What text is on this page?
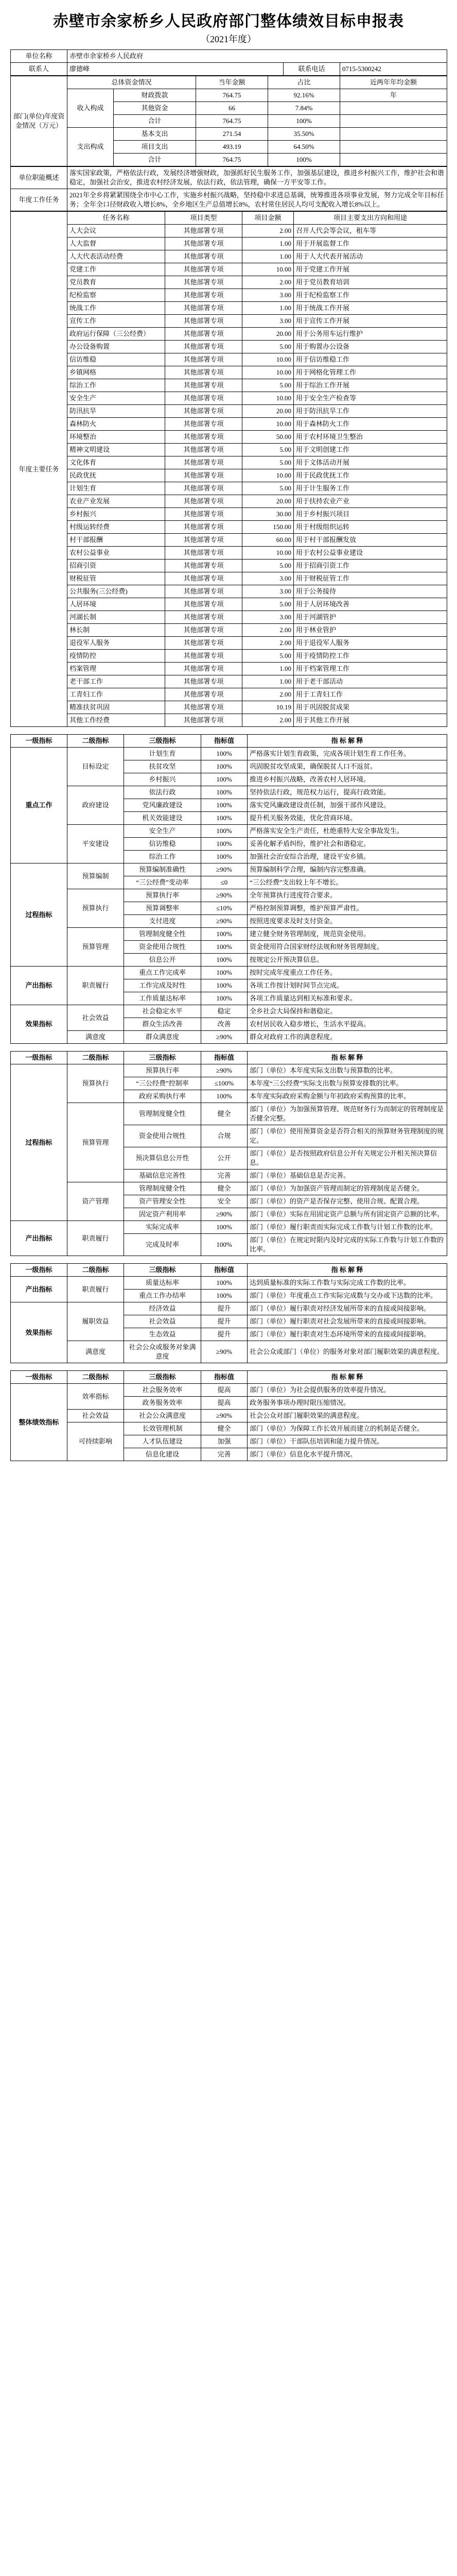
赤壁市余家桥乡人民政府部门整体绩效目标申报表
（2021年度）
单位名称	赤壁市余家桥乡人民政府		
联系人	廖德峰	联系电话	0715-5300242
部门(单位)年度资金情况（万元）	总体资金情况		当年金额	占比	近两年年均金额
	收入构成	财政拨款	764.75	92.16%	年
		其他资金	66	7.84%	
		合计	764.75	100%	
	支出构成	基本支出	271.54	35.50%	
		项目支出	493.19	64.50%	
		合计	764.75	100%	
单位职能概述	落实国家政策，严格依法行政，发展经济增强财政，加强抓好民生服务工作，加强基层建设，推进乡村振兴工作，维护社会和谐稳定，加强社会治安，推进农村经济发展，依法行政，依法管理，确保一方平安等工作。
年度工作任务	2021年全乡将紧紧围绕全市中心工作，实施乡村振兴战略，坚持稳中求进总基调，统筹推进各项事业发展，努力完成全年目标任务；全年全口径财政收入增长8%，全乡地区生产总值增长8%，农村常住居民人均可支配收入增长8%以上。
年度主要任务	任务名称	项目类型	项目金额	项目主要支出方向和用途
	人大会议	其他部署专项	2.00	召开人代会等会议，租车等
	人大监督	其他部署专项	1.00	用于开展监督工作
	人大代表活动经费	其他部署专项	1.00	用于人大代表开展活动
	党建工作	其他部署专项	10.00	用于党建工作开展
	党员教育	其他部署专项	2.00	用于党员教育培训
	纪检监察	其他部署专项	3.00	用于纪检监察工作
	统战工作	其他部署专项	1.00	用于统战工作开展
	宣传工作	其他部署专项	3.00	用于宣传工作开展
	政府运行保障（三公经费）	其他部署专项	20.00	用于公务用车运行维护
	办公设备购置	其他部署专项	5.00	用于购置办公设备
	信访维稳	其他部署专项	10.00	用于信访维稳工作
	乡镇网格	其他部署专项	10.00	用于网格化管理工作
	综治工作	其他部署专项	5.00	用于综治工作开展
	安全生产	其他部署专项	10.00	用于安全生产检查等
	防汛抗旱	其他部署专项	20.00	用于防汛抗旱工作
	森林防火	其他部署专项	10.00	用于森林防火工作
	环境整治	其他部署专项	50.00	用于农村环境卫生整治
	精神文明建设	其他部署专项	5.00	用于文明创建工作
	文化体育	其他部署专项	5.00	用于文体活动开展
	民政优抚	其他部署专项	10.00	用于民政优抚工作
	计划生育	其他部署专项	5.00	用于计生服务工作
	农业产业发展	其他部署专项	20.00	用于扶持农业产业
	乡村振兴	其他部署专项	30.00	用于乡村振兴项目
	村级运转经费	其他部署专项	150.00	用于村级组织运转
	村干部报酬	其他部署专项	60.00	用于村干部报酬发放
	农村公益事业	其他部署专项	10.00	用于农村公益事业建设
	招商引资	其他部署专项	5.00	用于招商引资工作
	财税征管	其他部署专项	3.00	用于财税征管工作
	公共服务(三公经费)	其他部署专项	3.00	用于公务接待
	人居环境	其他部署专项	5.00	用于人居环境改善
	河湖长制	其他部署专项	3.00	用于河湖管护
	林长制	其他部署专项	2.00	用于林业管护
	退役军人服务	其他部署专项	2.00	用于退役军人服务
	疫情防控	其他部署专项	5.00	用于疫情防控工作
	档案管理	其他部署专项	1.00	用于档案管理工作
	老干部工作	其他部署专项	1.00	用于老干部活动
	工青妇工作	其他部署专项	2.00	用于工青妇工作
	精准扶贫巩固	其他部署专项	10.19	用于巩固脱贫成果
	其他工作经费	其他部署专项	2.00	用于其他工作开展
一级指标	二级指标	三级指标	指标值	指 标 解 释
重点工作	目标设定	计划生育	100%	严格落实计划生育政策，完成各项计划生育工作任务。
		扶贫攻坚	100%	巩固脱贫攻坚成果，确保脱贫人口不返贫。
		乡村振兴	100%	推进乡村振兴战略，改善农村人居环境。
	政府建设	依法行政	100%	坚持依法行政，规范权力运行，提高行政效能。
		党风廉政建设	100%	落实党风廉政建设责任制，加强干部作风建设。
		机关效能建设	100%	提升机关服务效能，优化营商环境。
	平安建设	安全生产	100%	严格落实安全生产责任，杜绝重特大安全事故发生。
		信访维稳	100%	妥善化解矛盾纠纷，维护社会和谐稳定。
		综治工作	100%	加强社会治安综合治理，建设平安乡镇。
过程指标	预算编制	预算编制准确性	≥90%	预算编制科学合理，编制内容完整准确。
		“三公经费”变动率	≤0	“三公经费”支出较上年不增长。
	预算执行	预算执行率	≥90%	全年预算执行进度符合要求。
		预算调整率	≤10%	严格控制预算调整，维护预算严肃性。
		支付进度	≥90%	按照进度要求及时支付资金。
	预算管理	管理制度健全性	100%	建立健全财务管理制度，规范资金使用。
		资金使用合规性	100%	资金使用符合国家财经法规和财务管理制度。
		信息公开	100%	按规定公开预决算信息。
产出指标	职责履行	重点工作完成率	100%	按时完成年度重点工作任务。
		工作完成及时性	100%	各项工作按计划时间节点完成。
		工作质量达标率	100%	各项工作质量达到相关标准和要求。
效果指标	社会效益	社会稳定水平	稳定	全乡社会大局保持和谐稳定。
		群众生活改善	改善	农村居民收入稳步增长，生活水平提高。
	满意度	群众满意度	≥90%	群众对政府工作的满意程度。
一级指标	二级指标	三级指标	指标值	指 标 解 释
过程指标	预算执行	预算执行率	≥90%	部门（单位）本年度实际支出数与预算数的比率。
		“三公经费”控制率	≤100%	本年度“三公经费”实际支出数与预算安排数的比率。
		政府采购执行率	100%	本年度实际政府采购金额与年初政府采购预算的比率。
	预算管理	管理制度健全性	健全	部门（单位）为加强预算管理、规范财务行为而制定的管理制度是否健全完整。
		资金使用合规性	合规	部门（单位）使用预算资金是否符合相关的预算财务管理制度的规定。
		预决算信息公开性	公开	部门（单位）是否按照政府信息公开有关规定公开相关预决算信息。
		基础信息完善性	完善	部门（单位）基础信息是否完善。
	资产管理	管理制度健全性	健全	部门（单位）为加强资产管理而制定的管理制度是否健全。
		资产管理安全性	安全	部门（单位）的资产是否保存完整、使用合规、配置合理。
		固定资产利用率	≥90%	部门（单位）实际在用固定资产总额与所有固定资产总额的比率。
产出指标	职责履行	实际完成率	100%	部门（单位）履行职责而实际完成工作数与计划工作数的比率。
		完成及时率	100%	部门（单位）在规定时限内及时完成的实际工作数与计划工作数的比率。
一级指标	二级指标	三级指标	指标值	指 标 解 释
产出指标	职责履行	质量达标率	100%	达到质量标准的实际工作数与实际完成工作数的比率。
		重点工作办结率	100%	部门（单位）年度重点工作实际完成数与交办或下达数的比率。
效果指标	履职效益	经济效益	提升	部门（单位）履行职责对经济发展所带来的直接或间接影响。
		社会效益	提升	部门（单位）履行职责对社会发展所带来的直接或间接影响。
		生态效益	提升	部门（单位）履行职责对生态环境所带来的直接或间接影响。
	满意度	社会公众或服务对象满意度	≥90%	社会公众或部门（单位）的服务对象对部门履职效果的满意程度。
一级指标	二级指标	三级指标	指标值	指 标 解 释
整体绩效指标	效率指标	社会服务效率	提高	部门（单位）为社会提供服务的效率提升情况。
		政务服务效率	提高	政务服务事项办理时限压缩情况。
	社会效益	社会公众满意度	≥90%	社会公众对部门履职效果的满意程度。
	可持续影响	长效管理机制	健全	部门（单位）为保障工作长效开展而建立的机制是否健全。
		人才队伍建设	加强	部门（单位）干部队伍培训和能力提升情况。
		信息化建设	完善	部门（单位）信息化水平提升情况。
